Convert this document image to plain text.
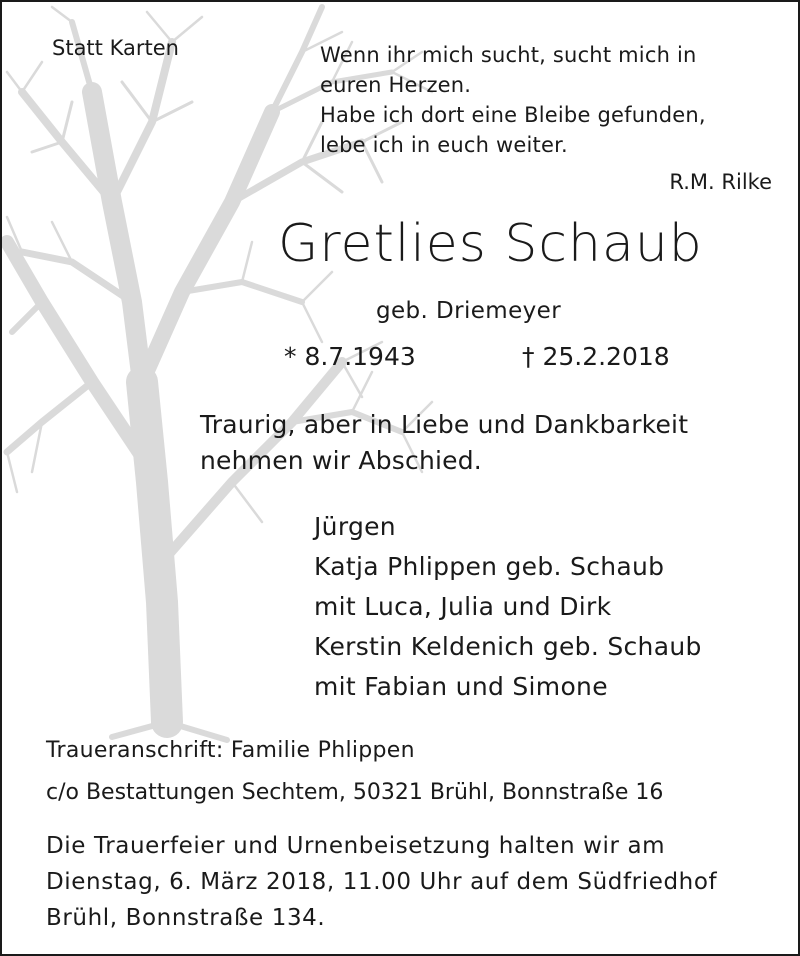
Statt Karten	Wenn ihr mich sucht, sucht mich in
euren Herzen.
Habe ich dort eine Bleibe gefunden,
lebe ich in euch weiter.
R.M. Rilke
Gretlies Schaub
geb. Driemeyer
* 8.7.1943	† 25.2.2018
Traurig, aber in Liebe und Dankbarkeit
nehmen wir Abschied.
Jürgen
Katja Phlippen geb. Schaub
mit Luca, Julia und Dirk
Kerstin Keldenich geb. Schaub
mit Fabian und Simone
Traueranschrift: Familie Phlippen
c/o Bestattungen Sechtem, 50321 Brühl, Bonnstraße 16
Die Trauerfeier und Urnenbeisetzung halten wir am
Dienstag, 6. März 2018, 11.00 Uhr auf dem Südfriedhof
Brühl, Bonnstraße 134.
